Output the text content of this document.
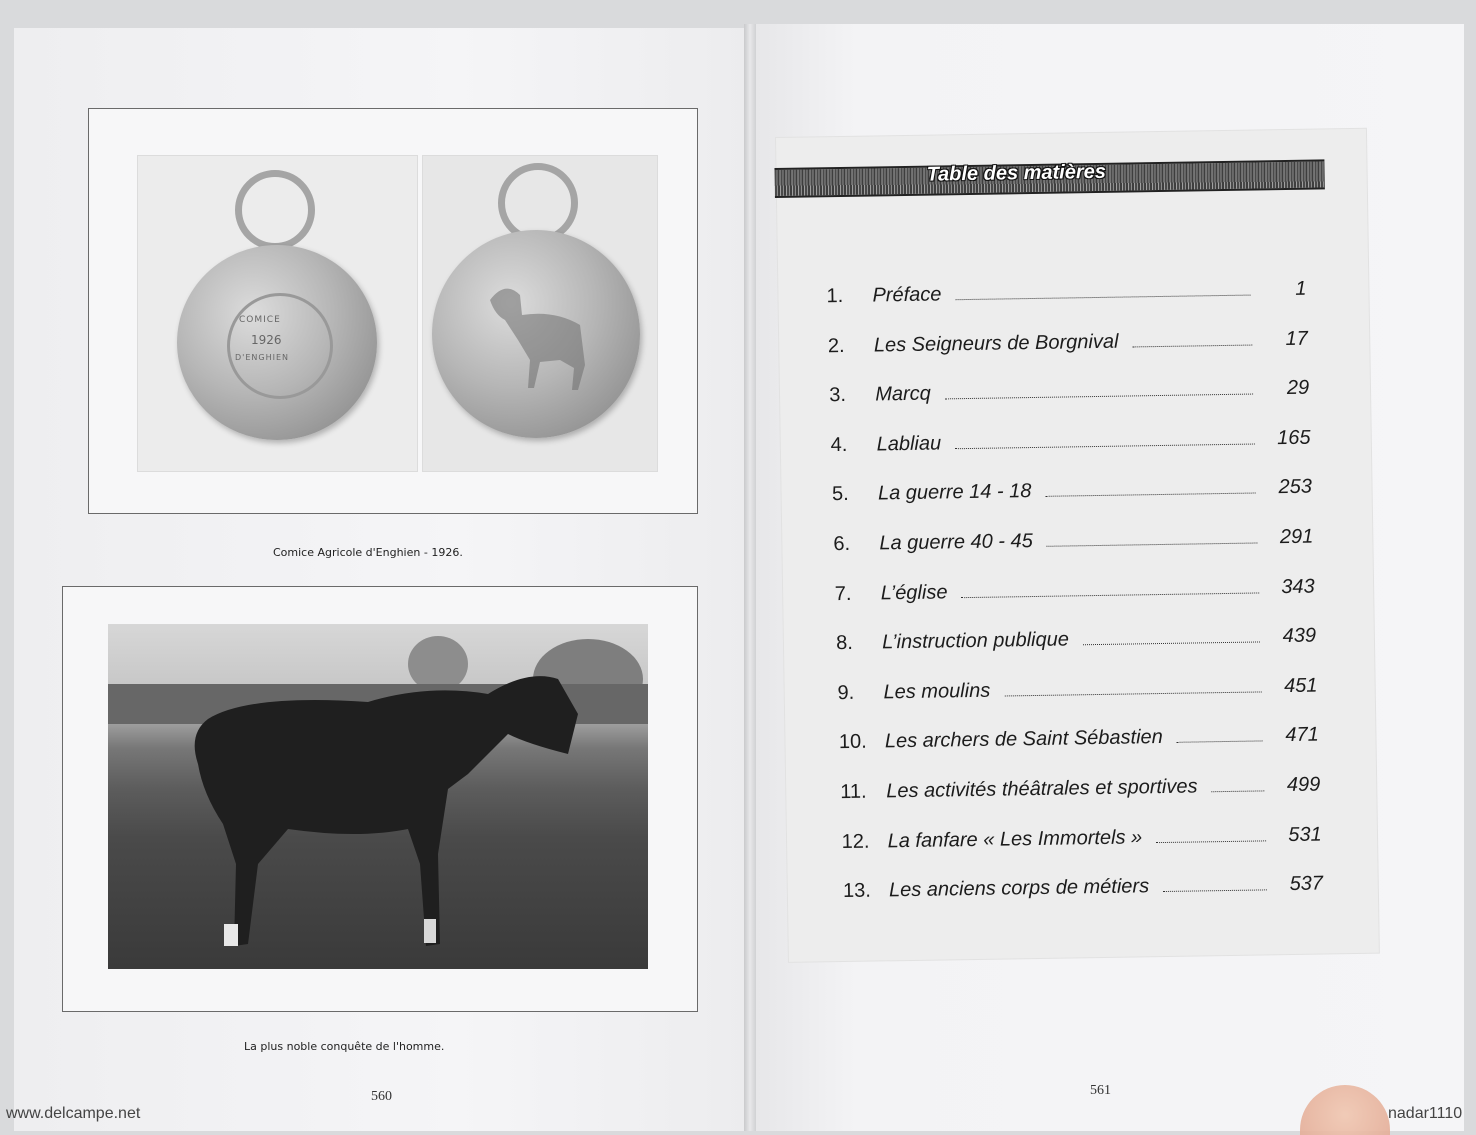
COMICE
1926
D'ENGHIEN
Comice Agricole d'Enghien - 1926.
La plus noble conquête de l'homme.
560
Table des matières
1.	Préface	1
2.	Les Seigneurs de Borgnival	17
3.	Marcq	29
4.	Labliau	165
5.	La guerre 14 - 18	253
6.	La guerre 40 - 45	291
7.	L’église	343
8.	L’instruction publique	439
9.	Les moulins	451
10. Les archers de Saint Sébastien	471
11. Les activités théâtrales et sportives	499
12. La fanfare « Les Immortels »	531
13. Les anciens corps de métiers	537
561
www.delcampe.net	nadar1110
